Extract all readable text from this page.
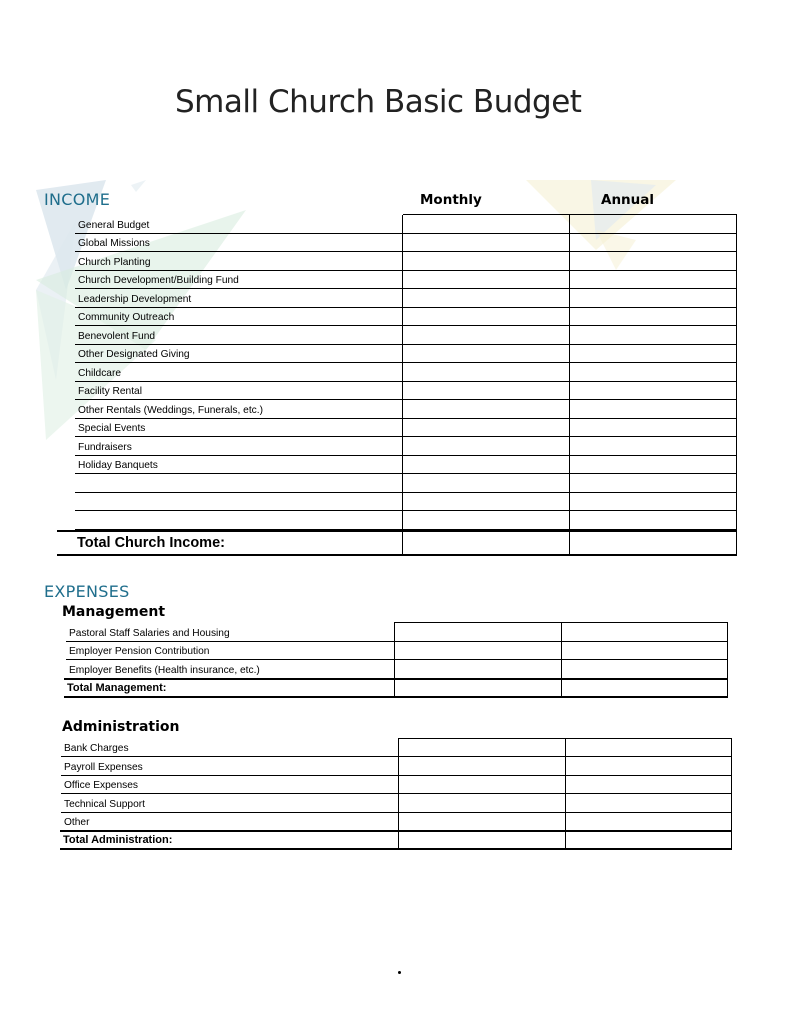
Small Church Basic Budget
INCOME	Monthly	Annual
General Budget
Global Missions
Church Planting
Church Development/Building Fund
Leadership Development
Community Outreach
Benevolent Fund
Other Designated Giving
Childcare
Facility Rental
Other Rentals (Weddings, Funerals, etc.)
Special Events
Fundraisers
Holiday Banquets
Total Church Income:
EXPENSES
Management
Pastoral Staff Salaries and Housing
Employer Pension Contribution
Employer Benefits (Health insurance, etc.)
Total Management:
Administration
Bank Charges
Payroll Expenses
Office Expenses
Technical Support
Other
Total Administration:
